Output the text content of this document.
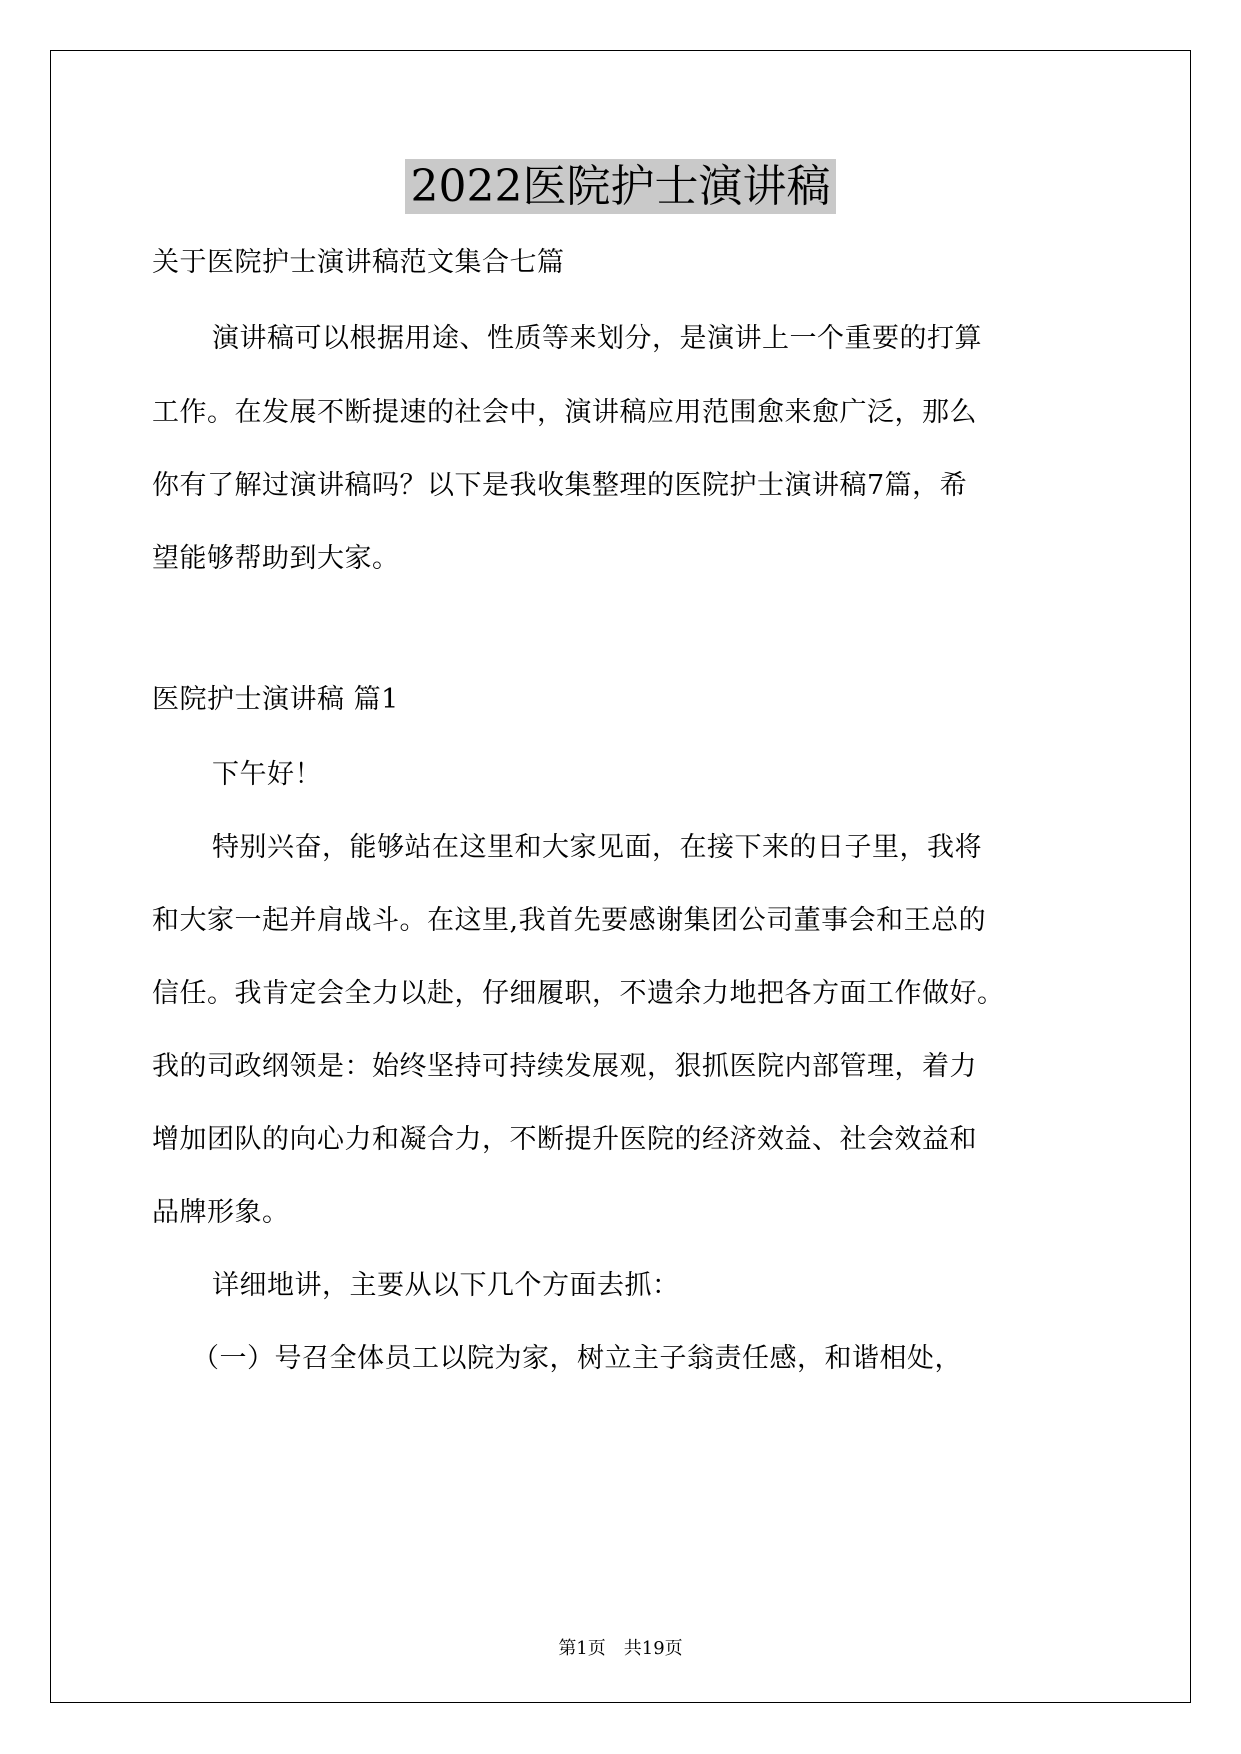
2022医院护士演讲稿
关于医院护士演讲稿范文集合七篇
演讲稿可以根据用途、性质等来划分，是演讲上一个重要的打算
工作。在发展不断提速的社会中，演讲稿应用范围愈来愈广泛，那么
你有了解过演讲稿吗？以下是我收集整理的医院护士演讲稿7篇，希
望能够帮助到大家。
医院护士演讲稿 篇1
下午好！
特别兴奋，能够站在这里和大家见面，在接下来的日子里，我将
和大家一起并肩战斗。在这里,我首先要感谢集团公司董事会和王总的
信任。我肯定会全力以赴，仔细履职，不遗余力地把各方面工作做好。
我的司政纲领是：始终坚持可持续发展观，狠抓医院内部管理，着力
增加团队的向心力和凝合力，不断提升医院的经济效益、社会效益和
品牌形象。
详细地讲，主要从以下几个方面去抓：
（一）号召全体员工以院为家，树立主子翁责任感，和谐相处，
第1页　共19页
